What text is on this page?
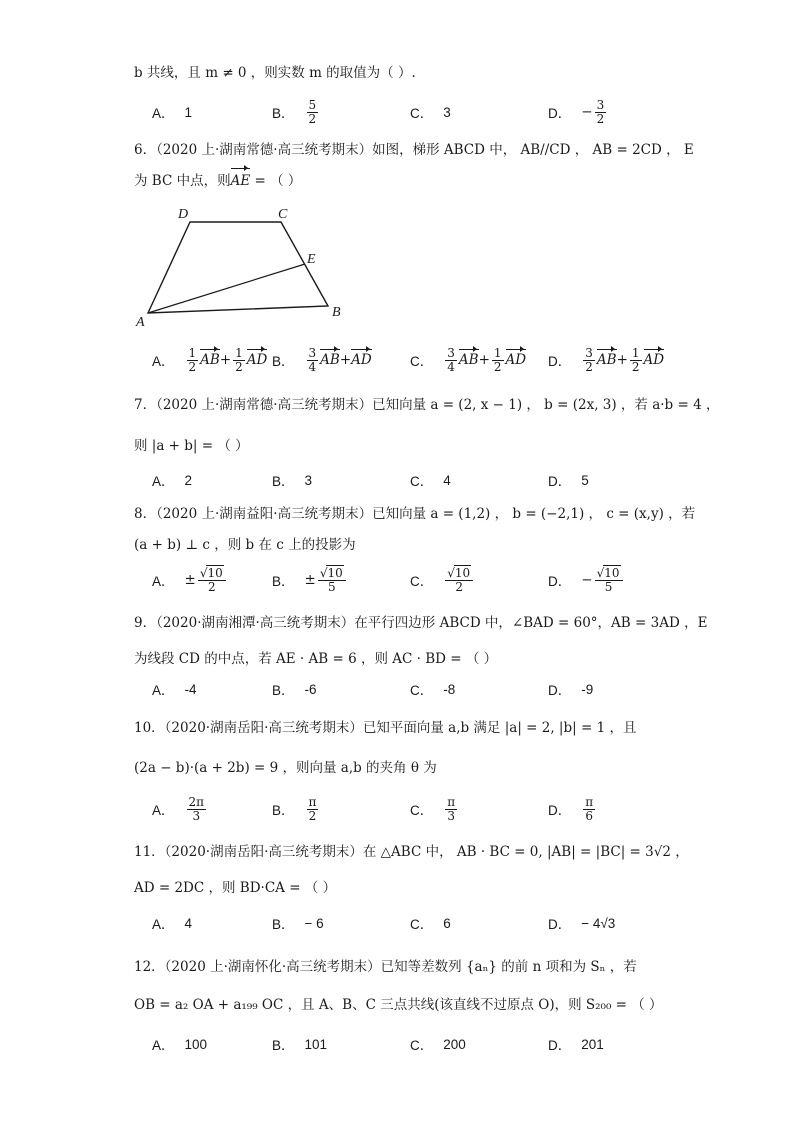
b 共线，且 m ≠ 0 ，则实数 m 的取值为（ ）.
A． 1	B． $\frac{5}{2}$	C． 3	D． − $\frac{3}{2}$
6．（2020 上·湖南常德·高三统考期末）如图，梯形 ABCD 中， AB//CD ， AB = 2CD ， E
为 BC 中点，则AE = （ ）
A
B
C
D
E
A． $\frac{1}{2}$ AB + $\frac{1}{2}$ AD B． $\frac{3}{4}$ AB + AD	C． $\frac{3}{4}$ AB + $\frac{1}{2}$ AD D． $\frac{3}{2}$ AB + $\frac{1}{2}$ AD
7．（2020 上·湖南常德·高三统考期末）已知向量 a = (2, x − 1) ， b = (2x, 3) ，若 a·b = 4 ，
则 |a + b| = （ ）
A． 2	B． 3	C． 4	D． 5
8．（2020 上·湖南益阳·高三统考期末）已知向量 a = (1,2) ， b = (−2,1) ， c = (x,y) ，若
(a + b) ⊥ c ，则 b 在 c 上的投影为
A． ± $\frac{√10}{2}$	B． ± $\frac{√10}{5}$	C． $\frac{√10}{2}$	D． − $\frac{√10}{5}$
9．（2020·湖南湘潭·高三统考期末）在平行四边形 ABCD 中，∠BAD = 60°，AB = 3AD ，E
为线段 CD 的中点，若 AE · AB = 6 ，则 AC · BD = （ ）
A． -4	B． -6	C． -8	D． -9
10．（2020·湖南岳阳·高三统考期末）已知平面向量 a,b 满足 |a| = 2, |b| = 1 ，且
(2a − b)·(a + 2b) = 9 ，则向量 a,b 的夹角 θ 为
A． $\frac{2\pi}{3}$	B． $\frac{\pi}{2}$	C． $\frac{\pi}{3}$	D． $\frac{\pi}{6}$
11．（2020·湖南岳阳·高三统考期末）在 △ABC 中， AB · BC = 0, |AB| = |BC| = 3√2 ，
AD = 2DC ，则 BD·CA = （ ）
A． 4	B． − 6	C． 6	D． − 4√3
12．（2020 上·湖南怀化·高三统考期末）已知等差数列 {aₙ} 的前 n 项和为 Sₙ ，若
OB = a₂ OA + a₁₉₉ OC ，且 A、B、C 三点共线(该直线不过原点 O)，则 S₂₀₀ = （ ）
A． 100	B． 101	C． 200	D． 201
